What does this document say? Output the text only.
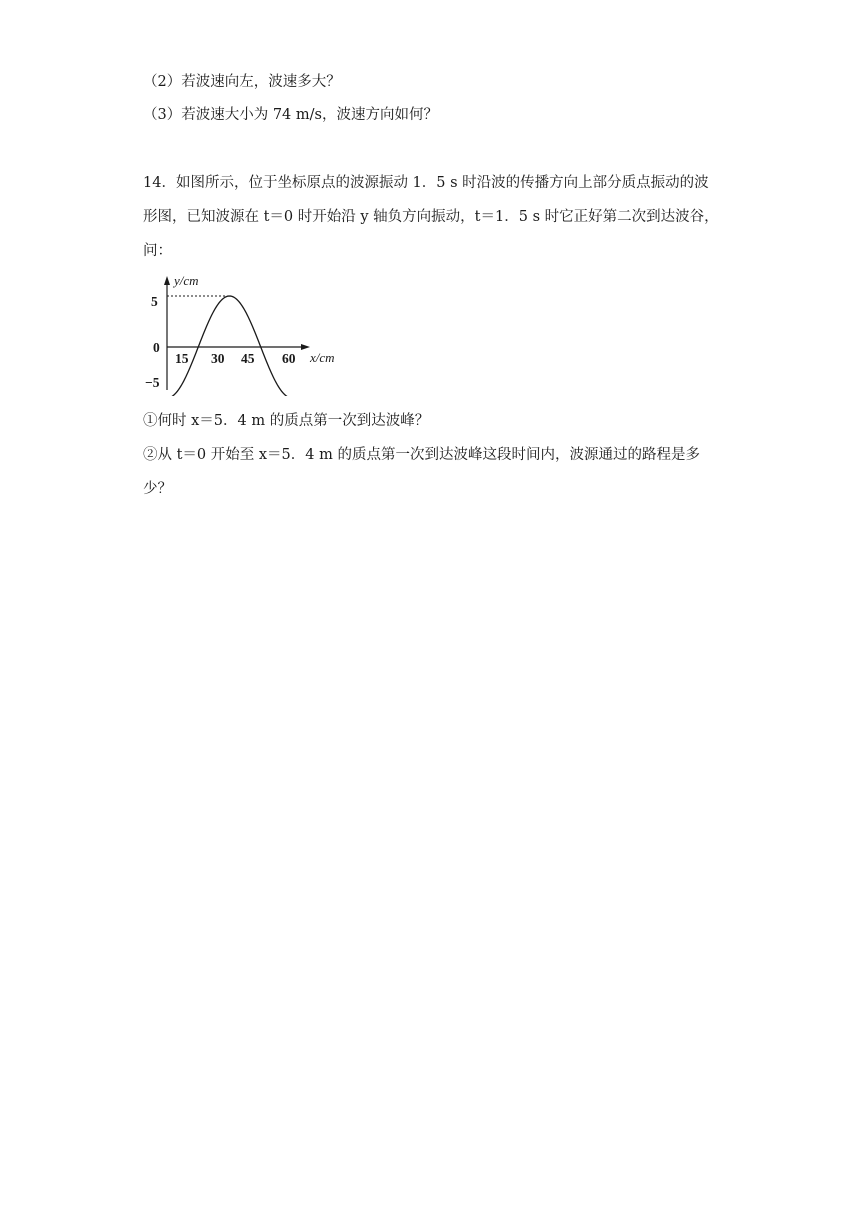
（2）若波速向左，波速多大？
（3）若波速大小为 74 m/s，波速方向如何？
14．如图所示，位于坐标原点的波源振动 1．5 s 时沿波的传播方向上部分质点振动的波
形图，已知波源在 t＝0 时开始沿 y 轴负方向振动，t＝1．5 s 时它正好第二次到达波谷，
问：
y/cm
x/cm
5
0
−5
15 30 45 60
①何时 x＝5．4 m 的质点第一次到达波峰？
②从 t＝0 开始至 x＝5．4 m 的质点第一次到达波峰这段时间内，波源通过的路程是多
少？
